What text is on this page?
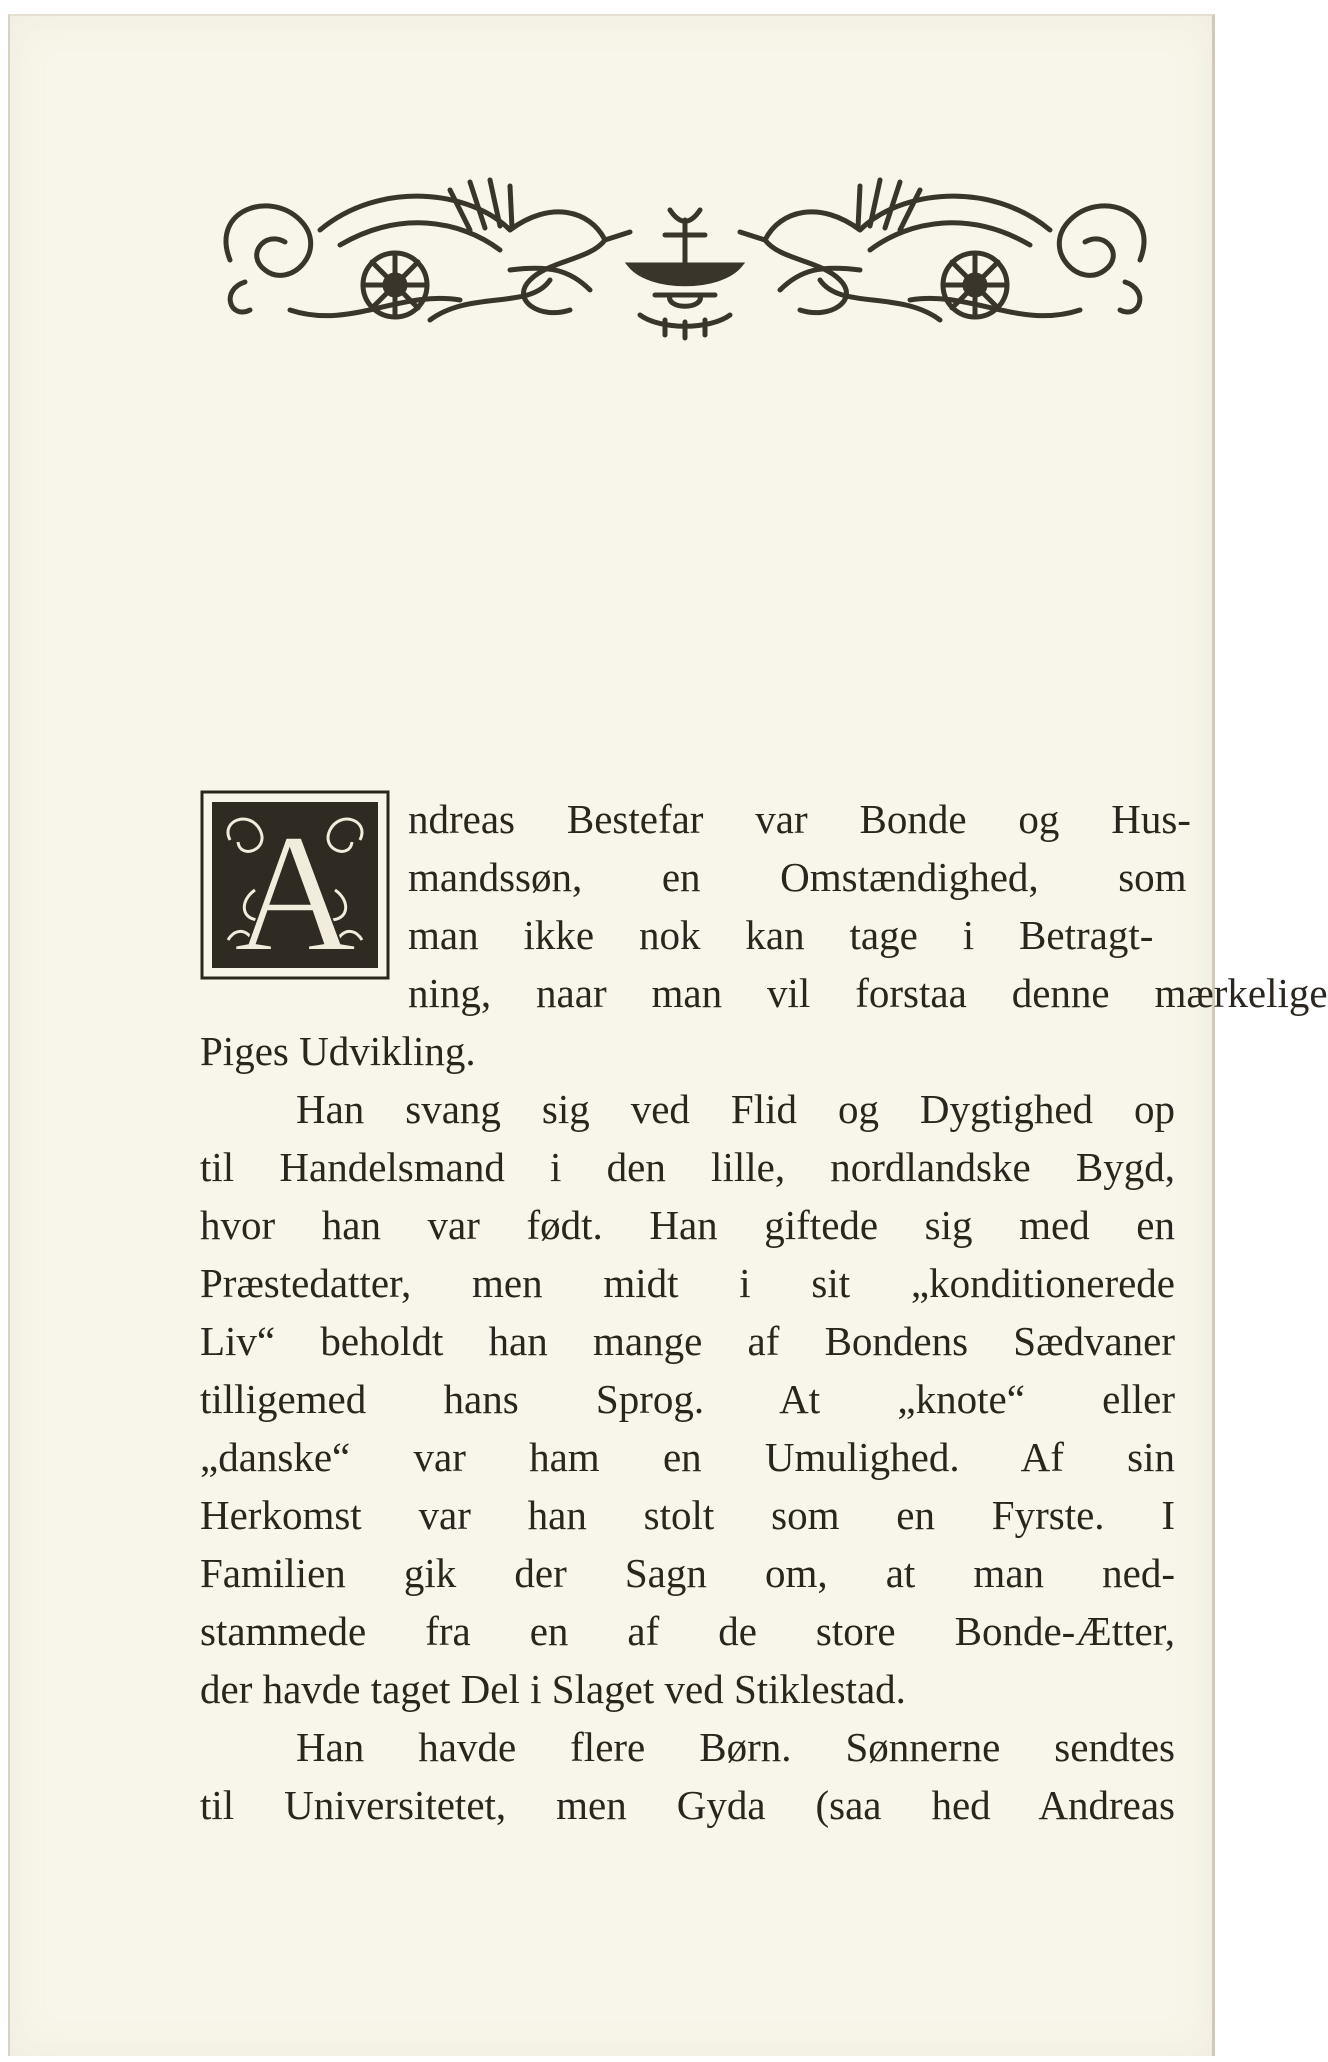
A	ndreas Bestefar var Bonde og Hus-
mandssøn, en Omstændighed, som
man ikke nok kan tage i Betragt-
ning, naar man vil forstaa denne mærkelige
Piges Udvikling.

Han svang sig ved Flid og Dygtighed op
til Handelsmand i den lille, nordlandske Bygd,
hvor han var født. Han giftede sig med en
Præstedatter, men midt i sit „konditionerede
Liv“ beholdt han mange af Bondens Sædvaner
tilligemed hans Sprog. At „knote“ eller
„danske“ var ham en Umulighed. Af sin
Herkomst var han stolt som en Fyrste. I
Familien gik der Sagn om, at man ned-
stammede fra en af de store Bonde-Ætter,
der havde taget Del i Slaget ved Stiklestad.

Han havde flere Børn. Sønnerne sendtes
til Universitetet, men Gyda (saa hed Andreas
